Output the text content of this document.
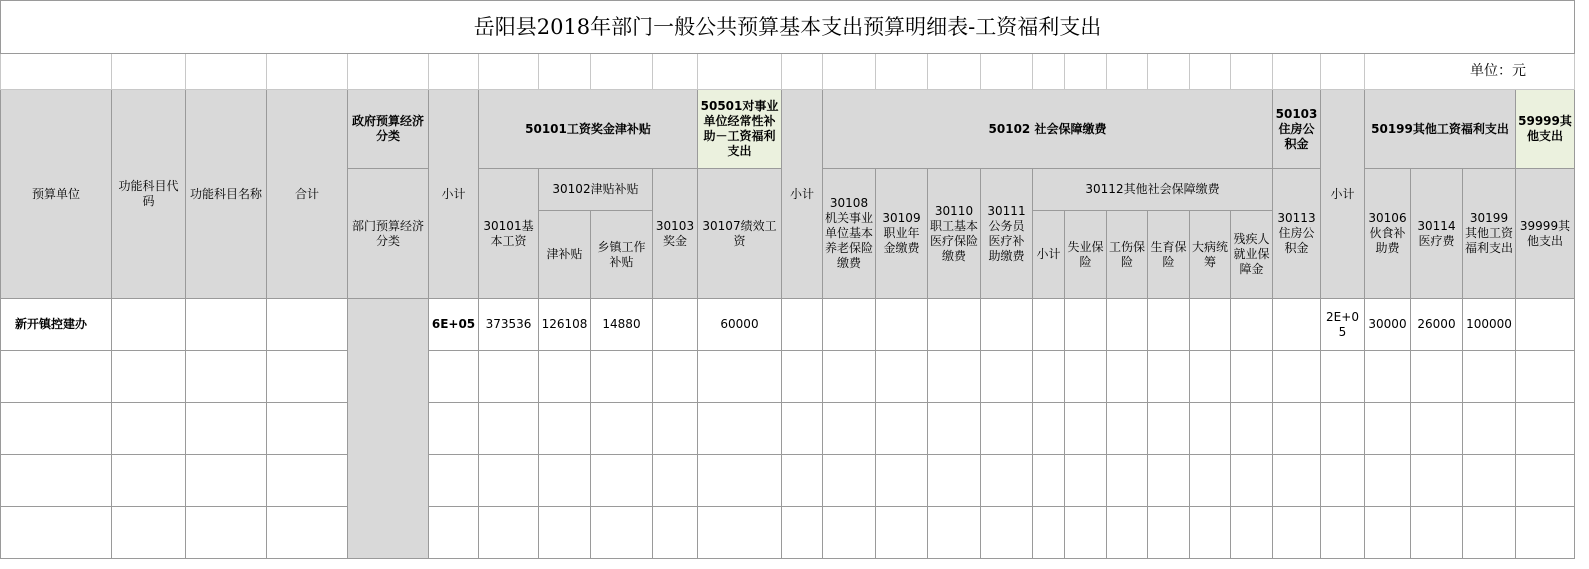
岳阳县2018年部门一般公共预算基本支出预算明细表-工资福利支出																											
																								单位：元			
预算单位	功能科目代码	功能科目名称	合计	政府预算经济分类	小计	50101工资奖金津补贴				50501对事业单位经常性补助－工资福利支出	小计	50102 社会保障缴费										50103住房公积金	小计	50199其他工资福利支出			59999其他支出
				部门预算经济分类		30101基本工资	30102津贴补贴		30103奖金	30107绩效工资		30108机关事业单位基本养老保险缴费	30109职业年金缴费	30110职工基本医疗保险缴费	30111公务员医疗补助缴费	30112其他社会保障缴费						30113住房公积金		30106伙食补助费	30114医疗费	30199其他工资福利支出	39999其他支出
							津补贴	乡镇工作补贴								小计	失业保险	工伤保险	生育保险	大病统筹	残疾人就业保障金						
新开镇控建办					6E+05	373536	126108	14880		60000													2E+05	30000	26000	100000	
